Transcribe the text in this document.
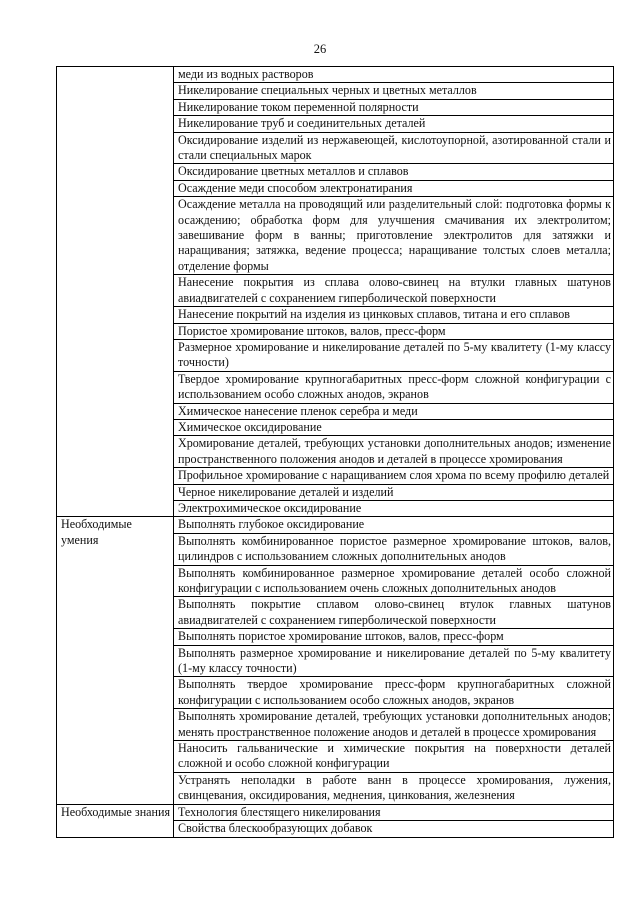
26

	меди из водных растворов

	Никелирование специальных черных и цветных металлов

	Никелирование током переменной полярности

	Никелирование труб и соединительных деталей

	Оксидирование изделий из нержавеющей, кислотоупорной, азотированной стали и стали специальных марок

	Оксидирование цветных металлов и сплавов

	Осаждение меди способом электронатирания

	Осаждение металла на проводящий или разделительный слой: подготовка формы к осаждению; обработка форм для улучшения смачивания их электролитом; завешивание форм в ванны; приготовление электролитов для затяжки и наращивания; затяжка, ведение процесса; наращивание толстых слоев металла; отделение формы

	Нанесение покрытия из сплава олово-свинец на втулки главных шатунов авиадвигателей с сохранением гиперболической поверхности

	Нанесение покрытий на изделия из цинковых сплавов, титана и его сплавов

	Пористое хромирование штоков, валов, пресс-форм

	Размерное хромирование и никелирование деталей по 5-му квалитету (1-му классу точности)

	Твердое хромирование крупногабаритных пресс-форм сложной конфигурации с использованием особо сложных анодов, экранов

	Химическое нанесение пленок серебра и меди

	Химическое оксидирование

	Хромирование деталей, требующих установки дополнительных анодов; изменение пространственного положения анодов и деталей в процессе хромирования

	Профильное хромирование с наращиванием слоя хрома по всему профилю деталей

	Черное никелирование деталей и изделий

	Электрохимическое оксидирование

Необходимые умения	Выполнять глубокое оксидирование

	Выполнять комбинированное пористое размерное хромирование штоков, валов, цилиндров с использованием сложных дополнительных анодов

	Выполнять комбинированное размерное хромирование деталей особо сложной конфигурации с использованием очень сложных дополнительных анодов

	Выполнять покрытие сплавом олово-свинец втулок главных шатунов авиадвигателей с сохранением гиперболической поверхности

	Выполнять пористое хромирование штоков, валов, пресс-форм

	Выполнять размерное хромирование и никелирование деталей по 5-му квалитету (1-му классу точности)

	Выполнять твердое хромирование пресс-форм крупногабаритных сложной конфигурации с использованием особо сложных анодов, экранов

	Выполнять хромирование деталей, требующих установки дополнительных анодов; менять пространственное положение анодов и деталей в процессе хромирования

	Наносить гальванические и химические покрытия на поверхности деталей сложной и особо сложной конфигурации

	Устранять неполадки в работе ванн в процессе хромирования, лужения, свинцевания, оксидирования, меднения, цинкования, железнения

Необходимые знания	Технология блестящего никелирования

	Свойства блескообразующих добавок
